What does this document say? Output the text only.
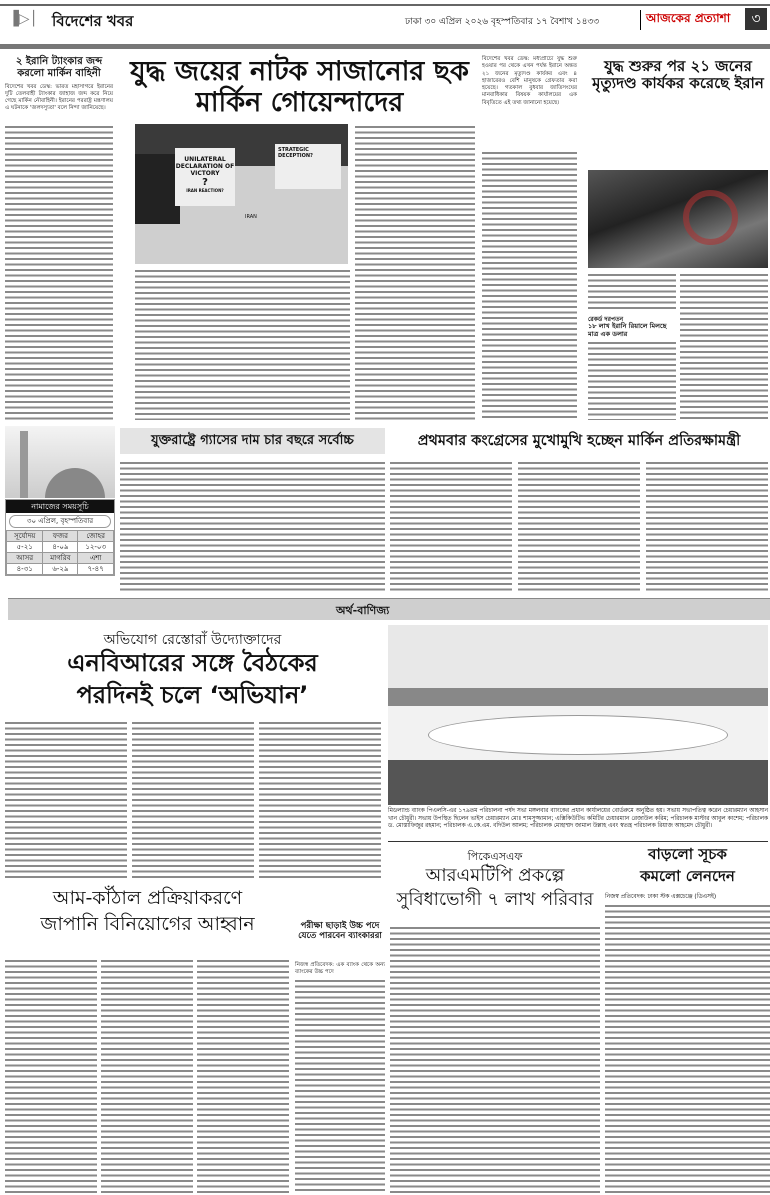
▐▷│ বিদেশের খবর	ঢাকা ৩০ এপ্রিল ২০২৬ বৃহস্পতিবার ১৭ বৈশাখ ১৪৩৩	আজকের প্রত্যাশা	৩
২ ইরানি ট্যাংকার জব্দ করলো মার্কিন বাহিনী
বিদেশের খবর ডেস্ক: ভারত মহাসাগরে ইরানের দুটি তেলবাহী ট্যাংকার জাহাজ জব্দ করে নিয়ে গেছে মার্কিন নৌবাহিনী। ইরানের পররাষ্ট্র মন্ত্রণালয় এ ঘটনাকে 'জলদস্যুতা' বলে নিন্দা জানিয়েছে।
যুদ্ধ জয়ের নাটক সাজানোর ছক মার্কিন গোয়েন্দাদের
UNILATERAL DECLARATION OF VICTORY
?
IRAN REACTION?
STRATEGIC DECEPTION?
IRAN
বিদেশের খবর ডেস্ক: মধ্যপ্রাচ্যে যুদ্ধ শুরু হওয়ার পর থেকে এখন পর্যন্ত ইরানে অন্তত ২১ জনের মৃত্যুদণ্ড কার্যকর এবং ৪ হাজারেরও বেশি মানুষকে গ্রেফতার করা হয়েছে। গতকাল বুধবার জাতিসংঘের মানবাধিকার বিষয়ক কার্যালয়ের এক বিবৃতিতে এই তথ্য জানানো হয়েছে।
যুদ্ধ শুরুর পর ২১ জনের মৃত্যুদণ্ড কার্যকর করেছে ইরান
রেকর্ড দরপতন
১৮ লাখ ইরানি রিয়ালে মিলছে মাত্র এক ডলার
নামাজের সময়সূচি
৩০ এপ্রিল, বৃহস্পতিবার
সূর্যোদয়	ফজর	জোহর
৫-২১	৪-০৯	১২-০৩
আসর	মাগরিব	এশা
৪-৩১	৬-২৯	৭-৪৭
যুক্তরাষ্ট্রে গ্যাসের দাম চার বছরে সর্বোচ্চ	প্রথমবার কংগ্রেসের মুখোমুখি হচ্ছেন মার্কিন প্রতিরক্ষামন্ত্রী
অর্থ-বাণিজ্য
অভিযোগ রেস্তোরাঁ উদ্যোক্তাদের
এনবিআরের সঙ্গে বৈঠকের
পরদিনই চলে ‘অভিযান’
মিডল্যান্ড ব্যাংক পিএলসি-এর ১৭৯তম পরিচালনা পর্ষদ সভা মঙ্গলবার ব্যাংকের প্রধান কার্যালয়ের বোর্ডরুমে অনুষ্ঠিত হয়। সভায় সভাপতিত্ব করেন চেয়ারম্যান আহসান খান চৌধুরী। সভায় উপস্থিত ছিলেন ভাইস চেয়ারম্যান মোঃ শামসুজ্জামান; এক্সিকিউটিভ কমিটির চেয়ারম্যান রেজাউল করিম; পরিচালক মাস্টার আবুল কাশেম; পরিচালক ড. মোস্তাফিজুর রহমান; পরিচালক এ.কে.এম. বদিউল আলম; পরিচালক মোহাম্মদ জামাল উল্লাহ এবং স্বতন্ত্র পরিচালক রিয়াজ আহমেদ চৌধুরী।
আম-কাঁঠাল প্রক্রিয়াকরণে
জাপানি বিনিয়োগের আহ্বান	পরীক্ষা ছাড়াই উচ্চ পদে যেতে পারবেন ব্যাংকাররা
নিজস্ব প্রতিবেদক: এক ব্যাংক থেকে অন্য ব্যাংকের উচ্চ পদে
পিকেএসএফ
আরএমটিপি প্রকল্পে
সুবিধাভোগী ৭ লাখ পরিবার
বাড়লো সূচক
কমলো লেনদেন
নিজস্ব প্রতিবেদক: ঢাকা স্টক এক্সচেঞ্জে (ডিএসই)
